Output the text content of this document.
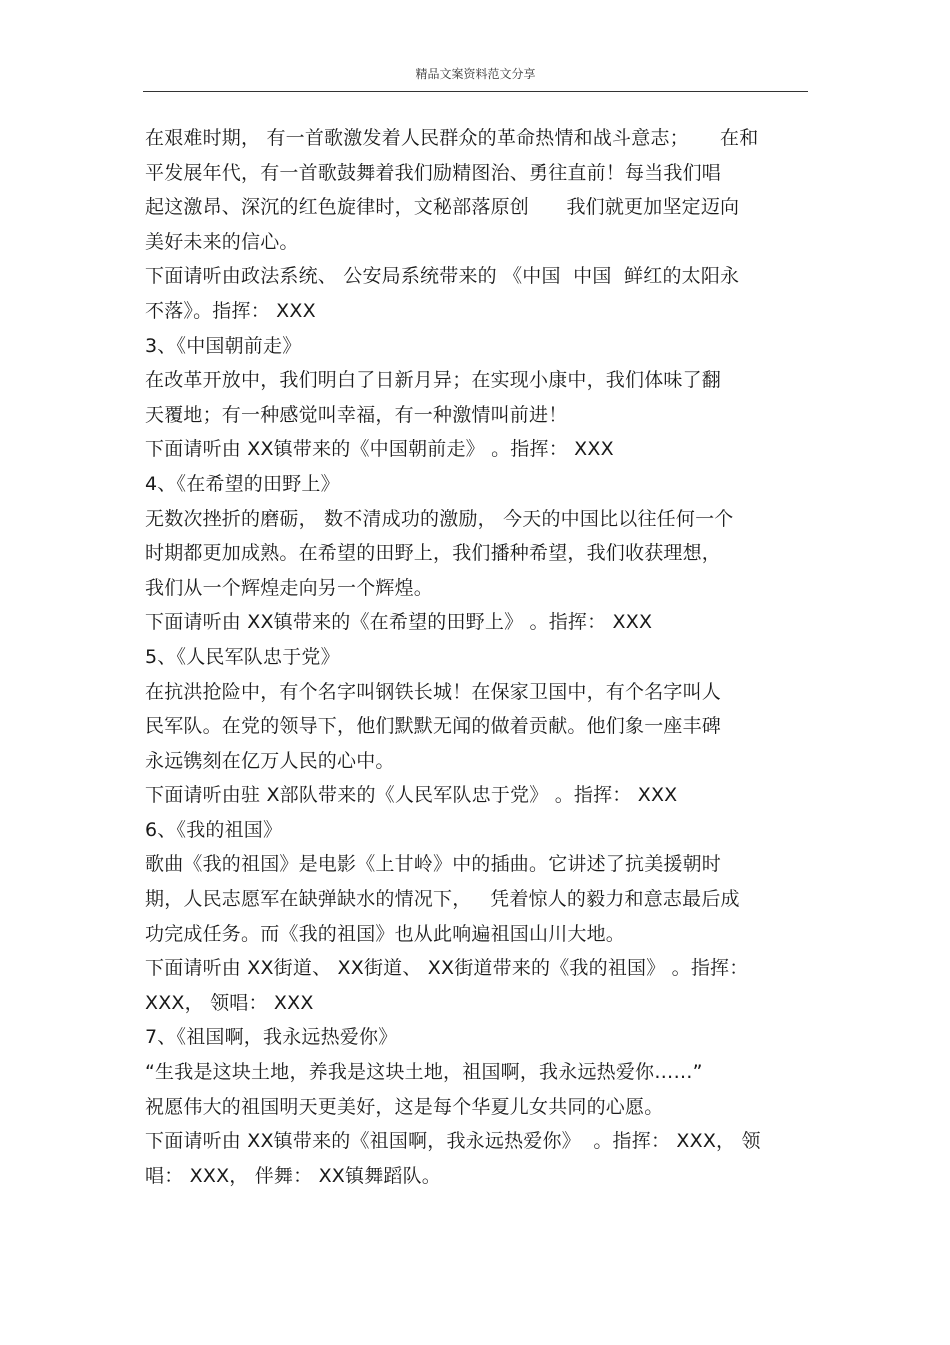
精品文案资料范文分享
在艰难时期， 有一首歌激发着人民群众的革命热情和战斗意志；     在和
平发展年代，有一首歌鼓舞着我们励精图治、勇往直前！每当我们唱
起这激昂、深沉的红色旋律时，文秘部落原创      我们就更加坚定迈向
美好未来的信心。
下面请听由政法系统、 公安局系统带来的 《中国  中国  鲜红的太阳永
不落》。指挥： XXX
3、《中国朝前走》
在改革开放中，我们明白了日新月异；在实现小康中，我们体味了翻
天覆地；有一种感觉叫幸福，有一种激情叫前进！
下面请听由 XX镇带来的《中国朝前走》 。指挥： XXX
4、《在希望的田野上》
无数次挫折的磨砺， 数不清成功的激励， 今天的中国比以往任何一个
时期都更加成熟。在希望的田野上，我们播种希望，我们收获理想，
我们从一个辉煌走向另一个辉煌。
下面请听由 XX镇带来的《在希望的田野上》 。指挥： XXX
5、《人民军队忠于党》
在抗洪抢险中，有个名字叫钢铁长城！在保家卫国中，有个名字叫人
民军队。在党的领导下，他们默默无闻的做着贡献。他们象一座丰碑
永远镌刻在亿万人民的心中。
下面请听由驻 X部队带来的《人民军队忠于党》 。指挥： XXX
6、《我的祖国》
歌曲《我的祖国》是电影《上甘岭》中的插曲。它讲述了抗美援朝时
期，人民志愿军在缺弹缺水的情况下，   凭着惊人的毅力和意志最后成
功完成任务。而《我的祖国》也从此响遍祖国山川大地。
下面请听由 XX街道、 XX街道、 XX街道带来的《我的祖国》 。指挥：
XXX， 领唱： XXX
7、《祖国啊，我永远热爱你》
“生我是这块土地，养我是这块土地，祖国啊，我永远热爱你……”
祝愿伟大的祖国明天更美好，这是每个华夏儿女共同的心愿。
下面请听由 XX镇带来的《祖国啊，我永远热爱你》  。指挥： XXX， 领
唱： XXX， 伴舞： XX镇舞蹈队。
